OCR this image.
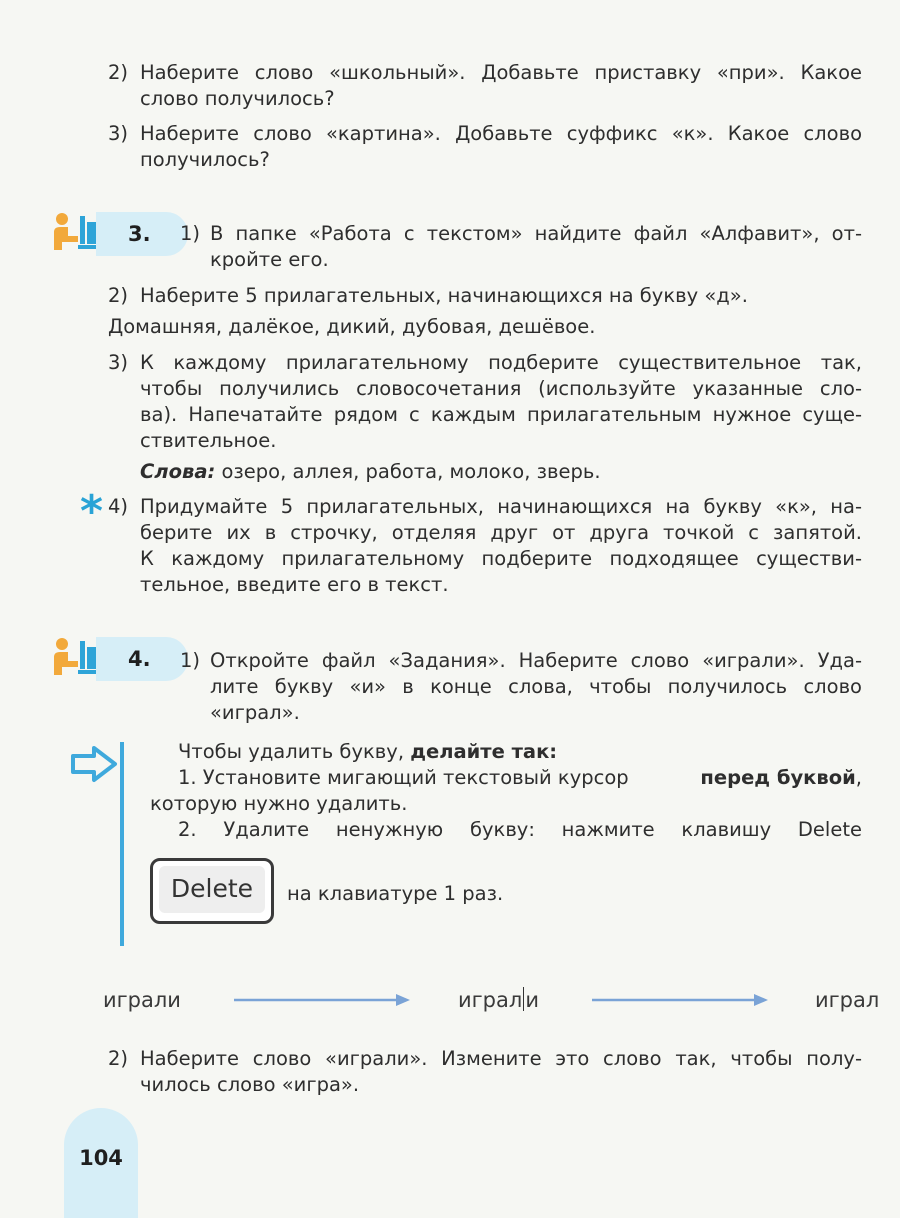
2) Наберите слово «школьный». Добавьте приставку «при». Какое
слово получилось?
3) Наберите слово «картина». Добавьте суффикс «к». Какое слово
получилось?
3. 1) В папке «Работа с текстом» найдите файл «Алфавит», от-
кройте его.
2) Наберите 5 прилагательных, начинающихся на букву «д».
Домашняя, далёкое, дикий, дубовая, дешёвое.
3) К каждому прилагательному подберите существительное так,
чтобы получились словосочетания (используйте указанные сло-
ва). Напечатайте рядом с каждым прилагательным нужное суще-
ствительное.
Слова: озеро, аллея, работа, молоко, зверь.
* 4) Придумайте 5 прилагательных, начинающихся на букву «к», на-
берите их в строчку, отделяя друг от друга точкой с запятой.
К каждому прилагательному подберите подходящее существи-
тельное, введите его в текст.
4. 1) Откройте файл «Задания». Наберите слово «играли». Уда-
лите букву «и» в конце слова, чтобы получилось слово
«играл».
Чтобы удалить букву, делайте так:
1. Установите мигающий текстовый курсор	перед буквой,
которую нужно удалить.
2. Удалите ненужную букву: нажмите клавишу Delete
Delete	на клавиатуре 1 раз.
играли	играл и	играл
2) Наберите слово «играли». Измените это слово так, чтобы полу-
чилось слово «игра».
104
